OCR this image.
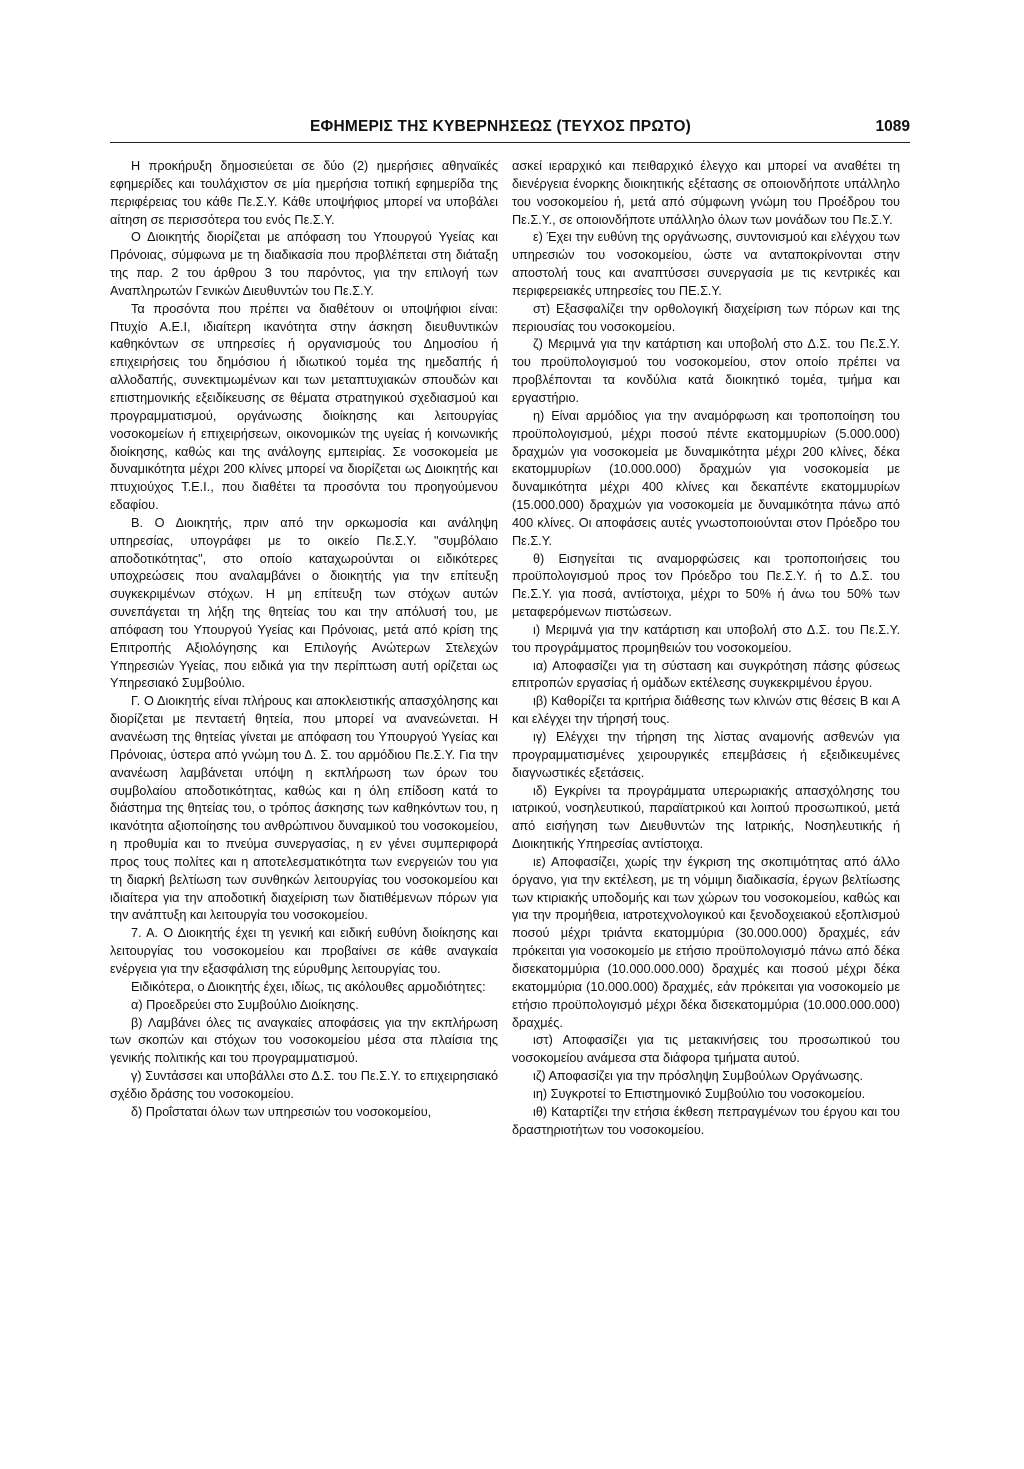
ΕΦΗΜΕΡΙΣ ΤΗΣ ΚΥΒΕΡΝΗΣΕΩΣ (ΤΕΥΧΟΣ ΠΡΩΤΟ)	1089

Η προκήρυξη δημοσιεύεται σε δύο (2) ημερήσιες αθηναϊκές εφημερίδες και τουλάχιστον σε μία ημερήσια τοπική εφημερίδα της περιφέρειας του κάθε Πε.Σ.Υ. Κάθε υποψήφιος μπορεί να υποβάλει αίτηση σε περισσότερα του ενός Πε.Σ.Υ.

Ο Διοικητής διορίζεται με απόφαση του Υπουργού Υγείας και Πρόνοιας, σύμφωνα με τη διαδικασία που προβλέπεται στη διάταξη της παρ. 2 του άρθρου 3 του παρόντος, για την επιλογή των Αναπληρωτών Γενικών Διευθυντών του Πε.Σ.Υ.

Τα προσόντα που πρέπει να διαθέτουν οι υποψήφιοι είναι: Πτυχίο Α.Ε.Ι, ιδιαίτερη ικανότητα στην άσκηση διευθυντικών καθηκόντων σε υπηρεσίες ή οργανισμούς του Δημοσίου ή επιχειρήσεις του δημόσιου ή ιδιωτικού τομέα της ημεδαπής ή αλλοδαπής, συνεκτιμωμένων και των μεταπτυχιακών σπουδών και επιστημονικής εξειδίκευσης σε θέματα στρατηγικού σχεδιασμού και προγραμματισμού, οργάνωσης διοίκησης και λειτουργίας νοσοκομείων ή επιχειρήσεων, οικονομικών της υγείας ή κοινωνικής διοίκησης, καθώς και της ανάλογης εμπειρίας. Σε νοσοκομεία με δυναμικότητα μέχρι 200 κλίνες μπορεί να διορίζεται ως Διοικητής και πτυχιούχος Τ.Ε.Ι., που διαθέτει τα προσόντα του προηγούμενου εδαφίου.

Β. Ο Διοικητής, πριν από την ορκωμοσία και ανάληψη υπηρεσίας, υπογράφει με το οικείο Πε.Σ.Υ. "συμβόλαιο αποδοτικότητας", στο οποίο καταχωρούνται οι ειδικότερες υποχρεώσεις που αναλαμβάνει ο διοικητής για την επίτευξη συγκεκριμένων στόχων. Η μη επίτευξη των στόχων αυτών συνεπάγεται τη λήξη της θητείας του και την απόλυσή του, με απόφαση του Υπουργού Υγείας και Πρόνοιας, μετά από κρίση της Επιτροπής Αξιολόγησης και Επιλογής Ανώτερων Στελεχών Υπηρεσιών Υγείας, που ειδικά για την περίπτωση αυτή ορίζεται ως Υπηρεσιακό Συμβούλιο.

Γ. Ο Διοικητής είναι πλήρους και αποκλειστικής απασχόλησης και διορίζεται με πενταετή θητεία, που μπορεί να ανανεώνεται. Η ανανέωση της θητείας γίνεται με απόφαση του Υπουργού Υγείας και Πρόνοιας, ύστερα από γνώμη του Δ. Σ. του αρμόδιου Πε.Σ.Υ. Για την ανανέωση λαμβάνεται υπόψη η εκπλήρωση των όρων του συμβολαίου αποδοτικότητας, καθώς και η όλη επίδοση κατά το διάστημα της θητείας του, ο τρόπος άσκησης των καθηκόντων του, η ικανότητα αξιοποίησης του ανθρώπινου δυναμικού του νοσοκομείου, η προθυμία και το πνεύμα συνεργασίας, η εν γένει συμπεριφορά προς τους πολίτες και η αποτελεσματικότητα των ενεργειών του για τη διαρκή βελτίωση των συνθηκών λειτουργίας του νοσοκομείου και ιδιαίτερα για την αποδοτική διαχείριση των διατιθέμενων πόρων για την ανάπτυξη και λειτουργία του νοσοκομείου.

7. Α. Ο Διοικητής έχει τη γενική και ειδική ευθύνη διοίκησης και λειτουργίας του νοσοκομείου και προβαίνει σε κάθε αναγκαία ενέργεια για την εξασφάλιση της εύρυθμης λειτουργίας του.

Ειδικότερα, ο Διοικητής έχει, ιδίως, τις ακόλουθες αρμοδιότητες:

α) Προεδρεύει στο Συμβούλιο Διοίκησης.

β) Λαμβάνει όλες τις αναγκαίες αποφάσεις για την εκπλήρωση των σκοπών και στόχων του νοσοκομείου μέσα στα πλαίσια της γενικής πολιτικής και του προγραμματισμού.

γ) Συντάσσει και υποβάλλει στο Δ.Σ. του Πε.Σ.Υ. το επιχειρησιακό σχέδιο δράσης του νοσοκομείου.

δ) Προΐσταται όλων των υπηρεσιών του νοσοκομείου,

ασκεί ιεραρχικό και πειθαρχικό έλεγχο και μπορεί να αναθέτει τη διενέργεια ένορκης διοικητικής εξέτασης σε οποιονδήποτε υπάλληλο του νοσοκομείου ή, μετά από σύμφωνη γνώμη του Προέδρου του Πε.Σ.Υ., σε οποιονδήποτε υπάλληλο όλων των μονάδων του Πε.Σ.Υ.

ε) Έχει την ευθύνη της οργάνωσης, συντονισμού και ελέγχου των υπηρεσιών του νοσοκομείου, ώστε να ανταποκρίνονται στην αποστολή τους και αναπτύσσει συνεργασία με τις κεντρικές και περιφερειακές υπηρεσίες του ΠΕ.Σ.Υ.

στ) Εξασφαλίζει την ορθολογική διαχείριση των πόρων και της περιουσίας του νοσοκομείου.

ζ) Μεριμνά για την κατάρτιση και υποβολή στο Δ.Σ. του Πε.Σ.Υ. του προϋπολογισμού του νοσοκομείου, στον οποίο πρέπει να προβλέπονται τα κονδύλια κατά διοικητικό τομέα, τμήμα και εργαστήριο.

η) Είναι αρμόδιος για την αναμόρφωση και τροποποίηση του προϋπολογισμού, μέχρι ποσού πέντε εκατομμυρίων (5.000.000) δραχμών για νοσοκομεία με δυναμικότητα μέχρι 200 κλίνες, δέκα εκατομμυρίων (10.000.000) δραχμών για νοσοκομεία με δυναμικότητα μέχρι 400 κλίνες και δεκαπέντε εκατομμυρίων (15.000.000) δραχμών για νοσοκομεία με δυναμικότητα πάνω από 400 κλίνες. Οι αποφάσεις αυτές γνωστοποιούνται στον Πρόεδρο του Πε.Σ.Υ.

θ) Εισηγείται τις αναμορφώσεις και τροποποιήσεις του προϋπολογισμού προς τον Πρόεδρο του Πε.Σ.Υ. ή το Δ.Σ. του Πε.Σ.Υ. για ποσά, αντίστοιχα, μέχρι το 50% ή άνω του 50% των μεταφερόμενων πιστώσεων.

ι) Μεριμνά για την κατάρτιση και υποβολή στο Δ.Σ. του Πε.Σ.Υ. του προγράμματος προμηθειών του νοσοκομείου.

ια) Αποφασίζει για τη σύσταση και συγκρότηση πάσης φύσεως επιτροπών εργασίας ή ομάδων εκτέλεσης συγκεκριμένου έργου.

ιβ) Καθορίζει τα κριτήρια διάθεσης των κλινών στις θέσεις Β και Α και ελέγχει την τήρησή τους.

ιγ) Ελέγχει την τήρηση της λίστας αναμονής ασθενών για προγραμματισμένες χειρουργικές επεμβάσεις ή εξειδικευμένες διαγνωστικές εξετάσεις.

ιδ) Εγκρίνει τα προγράμματα υπερωριακής απασχόλησης του ιατρικού, νοσηλευτικού, παραϊατρικού και λοιπού προσωπικού, μετά από εισήγηση των Διευθυντών της Ιατρικής, Νοσηλευτικής ή Διοικητικής Υπηρεσίας αντίστοιχα.

ιε) Αποφασίζει, χωρίς την έγκριση της σκοπιμότητας από άλλο όργανο, για την εκτέλεση, με τη νόμιμη διαδικασία, έργων βελτίωσης των κτιριακής υποδομής και των χώρων του νοσοκομείου, καθώς και για την προμήθεια, ιατροτεχνολογικού και ξενοδοχειακού εξοπλισμού ποσού μέχρι τριάντα εκατομμύρια (30.000.000) δραχμές, εάν πρόκειται για νοσοκομείο με ετήσιο προϋπολογισμό πάνω από δέκα δισεκατομμύρια (10.000.000.000) δραχμές και ποσού μέχρι δέκα εκατομμύρια (10.000.000) δραχμές, εάν πρόκειται για νοσοκομείο με ετήσιο προϋπολογισμό μέχρι δέκα δισεκατομμύρια (10.000.000.000) δραχμές.

ιστ) Αποφασίζει για τις μετακινήσεις του προσωπικού του νοσοκομείου ανάμεσα στα διάφορα τμήματα αυτού.

ιζ) Αποφασίζει για την πρόσληψη Συμβούλων Οργάνωσης.

ιη) Συγκροτεί το Επιστημονικό Συμβούλιο του νοσοκομείου.

ιθ) Καταρτίζει την ετήσια έκθεση πεπραγμένων του έργου και του δραστηριοτήτων του νοσοκομείου.
